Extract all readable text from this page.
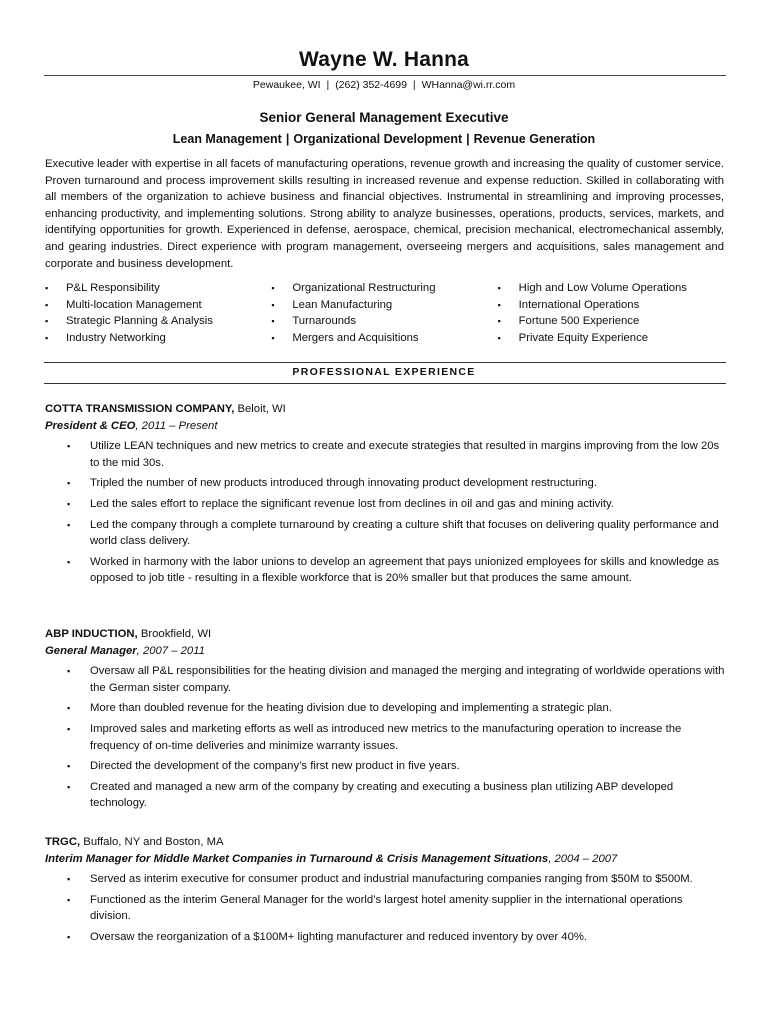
Wayne W. Hanna
Pewaukee, WI | (262) 352-4699 | WHanna@wi.rr.com
Senior General Management Executive
Lean Management | Organizational Development | Revenue Generation

Executive leader with expertise in all facets of manufacturing operations, revenue growth and increasing the quality of customer service. Proven turnaround and process improvement skills resulting in increased revenue and expense reduction. Skilled in collaborating with all members of the organization to achieve business and financial objectives. Instrumental in streamlining and improving processes, enhancing productivity, and implementing solutions. Strong ability to analyze businesses, operations, products, services, markets, and identifying opportunities for growth. Experienced in defense, aerospace, chemical, precision mechanical, electromechanical assembly, and gearing industries. Direct experience with program management, overseeing mergers and acquisitions, sales management and corporate and business development.

▪ P&L Responsibility
▪ Multi-location Management
▪ Strategic Planning & Analysis
▪ Industry Networking
▪ Organizational Restructuring
▪ Lean Manufacturing
▪ Turnarounds
▪ Mergers and Acquisitions
▪ High and Low Volume Operations
▪ International Operations
▪ Fortune 500 Experience
▪ Private Equity Experience
PROFESSIONAL EXPERIENCE
COTTA TRANSMISSION COMPANY, Beloit, WI
President & CEO, 2011 – Present
▪ Utilize LEAN techniques and new metrics to create and execute strategies that resulted in margins improving from the low 20s to the mid 30s.
▪ Tripled the number of new products introduced through innovating product development restructuring.
▪ Led the sales effort to replace the significant revenue lost from declines in oil and gas and mining activity.
▪ Led the company through a complete turnaround by creating a culture shift that focuses on delivering quality performance and world class delivery.
▪ Worked in harmony with the labor unions to develop an agreement that pays unionized employees for skills and knowledge as opposed to job title - resulting in a flexible workforce that is 20% smaller but that produces the same amount.
ABP INDUCTION, Brookfield, WI
General Manager, 2007 – 2011
▪ Oversaw all P&L responsibilities for the heating division and managed the merging and integrating of worldwide operations with the German sister company.
▪ More than doubled revenue for the heating division due to developing and implementing a strategic plan.
▪ Improved sales and marketing efforts as well as introduced new metrics to the manufacturing operation to increase the frequency of on-time deliveries and minimize warranty issues.
▪ Directed the development of the company’s first new product in five years.
▪ Created and managed a new arm of the company by creating and executing a business plan utilizing ABP developed technology.
TRGC, Buffalo, NY and Boston, MA
Interim Manager for Middle Market Companies in Turnaround & Crisis Management Situations, 2004 – 2007
▪ Served as interim executive for consumer product and industrial manufacturing companies ranging from $50M to $500M.
▪ Functioned as the interim General Manager for the world’s largest hotel amenity supplier in the international operations division.
▪ Oversaw the reorganization of a $100M+ lighting manufacturer and reduced inventory by over 40%.
